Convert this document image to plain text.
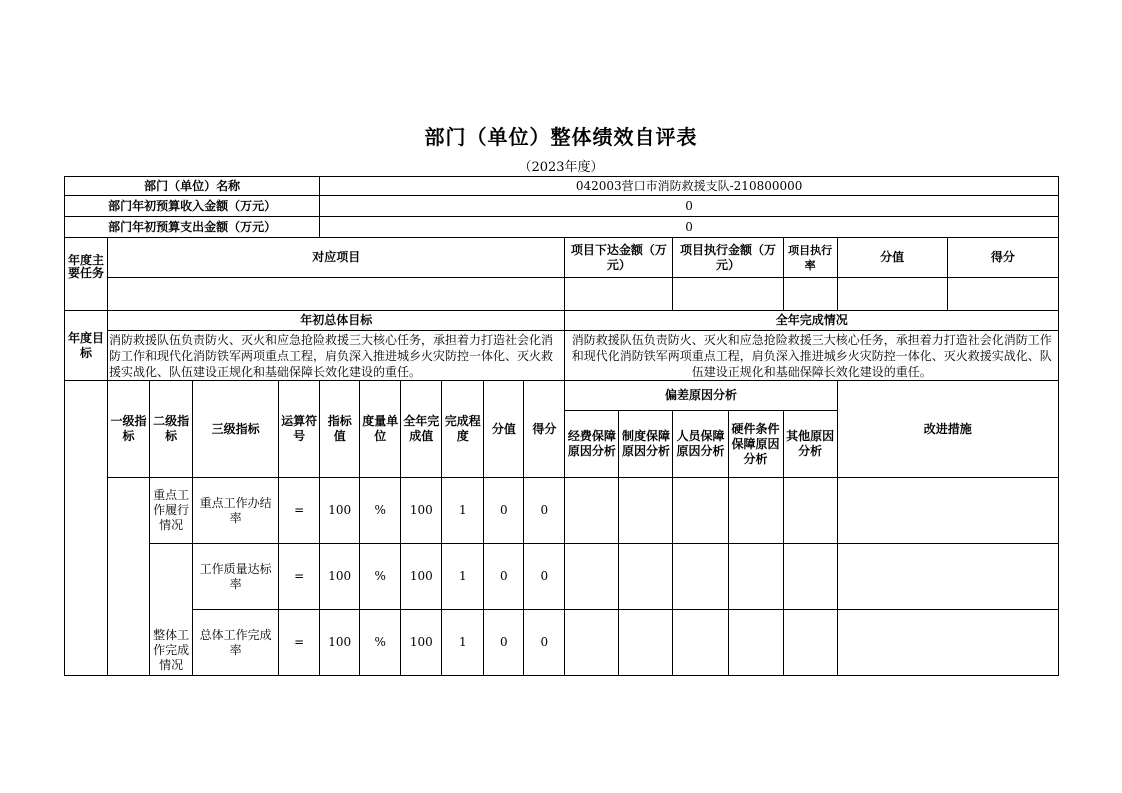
部门（单位）整体绩效自评表
（2023年度）
部门（单位）名称					042003营口市消防救援支队-210800000												
部门年初预算收入金额（万元）					0												
部门年初预算支出金额（万元）					0												

年度主要任务	对应项目										项目下达金额（万元）		项目执行金额（万元）		项目执行率	分值	得分

年度目标	年初总体目标										全年完成情况						
	消防救援队伍负责防火、灭火和应急抢险救援三大核心任务，承担着力打造社会化消防工作和现代化消防铁军两项重点工程，肩负深入推进城乡火灾防控一体化、灭火救援实战化、队伍建设正规化和基础保障长效化建设的重任。										消防救援队伍负责防火、灭火和应急抢险救援三大核心任务，承担着力打造社会化消防工作和现代化消防铁军两项重点工程，肩负深入推进城乡火灾防控一体化、灭火救援实战化、队伍建设正规化和基础保障长效化建设的重任。						
	一级指标	二级指标	三级指标	运算符号	指标值	度量单位	全年完成值	完成程度	分值	得分	偏差原因分析					改进措施	
											经费保障原因分析	制度保障原因分析	人员保障原因分析	硬件条件保障原因分析	其他原因分析		
		重点工作履行情况	重点工作办结率	=	100	%	100	1	0	0							
		整体工作完成情况	工作质量达标率	=	100	%	100	1	0	0							
			总体工作完成率	=	100	%	100	1	0	0							
